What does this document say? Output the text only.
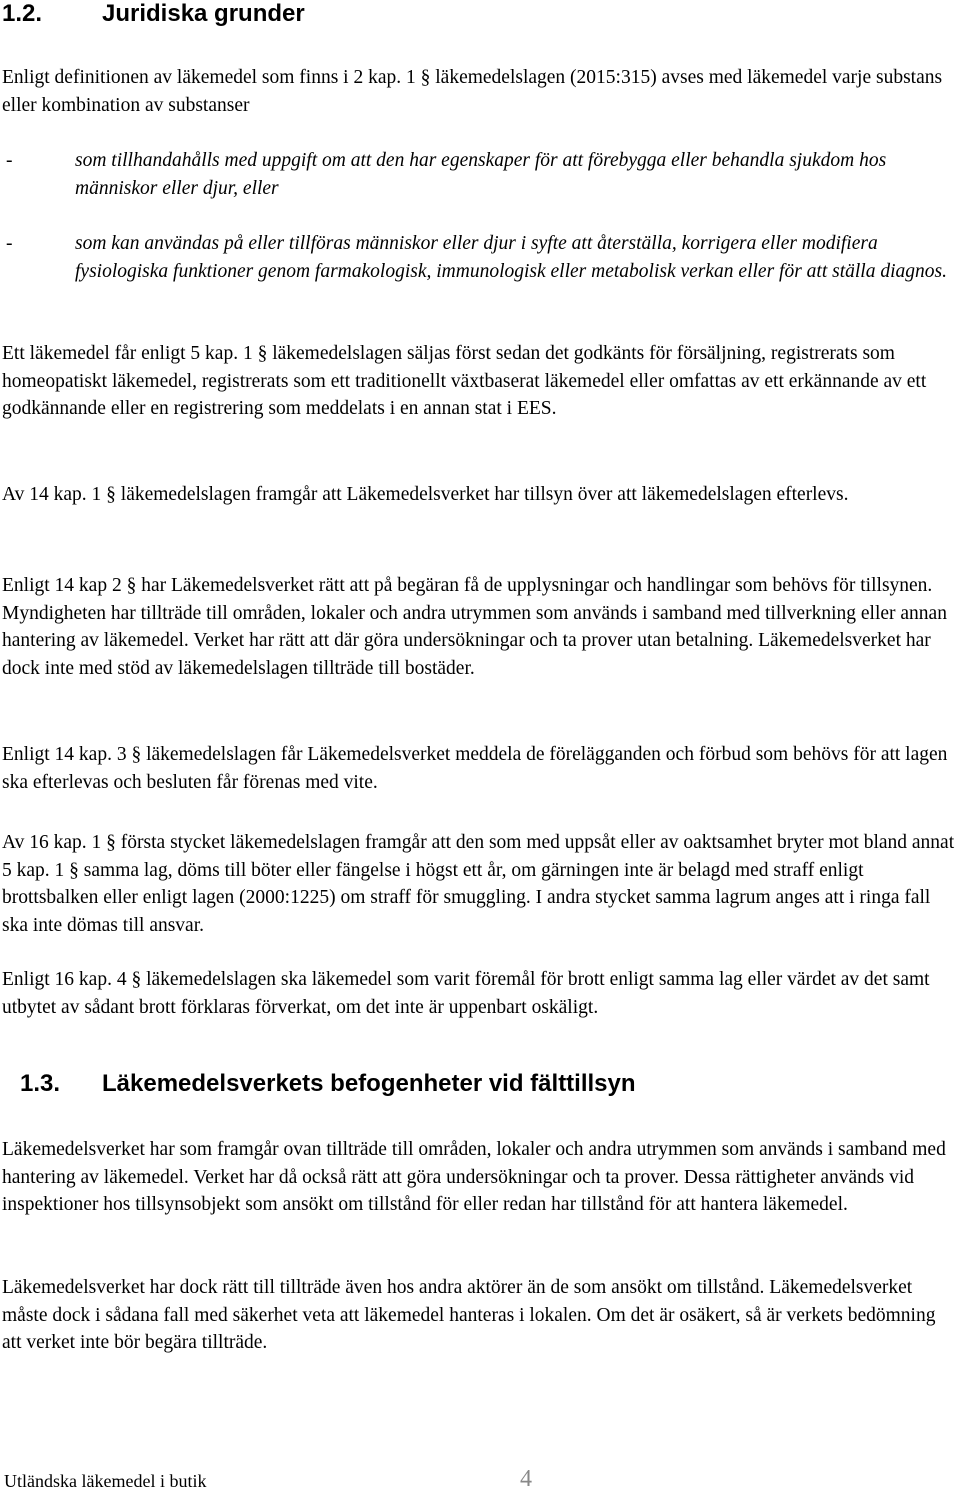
1.2. Juridiska grunder

Enligt definitionen av läkemedel som finns i 2 kap. 1 § läkemedelslagen (2015:315) avses med läkemedel varje substans eller kombination av substanser

-	som tillhandahålls med uppgift om att den har egenskaper för att förebygga eller behandla sjukdom hos människor eller djur, eller
-	som kan användas på eller tillföras människor eller djur i syfte att återställa, korrigera eller modifiera fysiologiska funktioner genom farmakologisk, immunologisk eller metabolisk verkan eller för att ställa diagnos.

Ett läkemedel får enligt 5 kap. 1 § läkemedelslagen säljas först sedan det godkänts för försäljning, registrerats som homeopatiskt läkemedel, registrerats som ett traditionellt växtbaserat läkemedel eller omfattas av ett erkännande av ett godkännande eller en registrering som meddelats i en annan stat i EES.

Av 14 kap. 1 § läkemedelslagen framgår att Läkemedelsverket har tillsyn över att läkemedelslagen efterlevs.

Enligt 14 kap 2 § har Läkemedelsverket rätt att på begäran få de upplysningar och handlingar som behövs för tillsynen. Myndigheten har tillträde till områden, lokaler och andra utrymmen som används i samband med tillverkning eller annan hantering av läkemedel. Verket har rätt att där göra undersökningar och ta prover utan betalning. Läkemedelsverket har dock inte med stöd av läkemedelslagen tillträde till bostäder.

Enligt 14 kap. 3 § läkemedelslagen får Läkemedelsverket meddela de förelägganden och förbud som behövs för att lagen ska efterlevas och besluten får förenas med vite.

Av 16 kap. 1 § första stycket läkemedelslagen framgår att den som med uppsåt eller av oaktsamhet bryter mot bland annat 5 kap. 1 § samma lag, döms till böter eller fängelse i högst ett år, om gärningen inte är belagd med straff enligt brottsbalken eller enligt lagen (2000:1225) om straff för smuggling. I andra stycket samma lagrum anges att i ringa fall ska inte dömas till ansvar.

Enligt 16 kap. 4 § läkemedelslagen ska läkemedel som varit föremål för brott enligt samma lag eller värdet av det samt utbytet av sådant brott förklaras förverkat, om det inte är uppenbart oskäligt.

1.3. Läkemedelsverkets befogenheter vid fälttillsyn

Läkemedelsverket har som framgår ovan tillträde till områden, lokaler och andra utrymmen som används i samband med hantering av läkemedel. Verket har då också rätt att göra undersökningar och ta prover. Dessa rättigheter används vid inspektioner hos tillsynsobjekt som ansökt om tillstånd för eller redan har tillstånd för att hantera läkemedel.

Läkemedelsverket har dock rätt till tillträde även hos andra aktörer än de som ansökt om tillstånd. Läkemedelsverket måste dock i sådana fall med säkerhet veta att läkemedel hanteras i lokalen. Om det är osäkert, så är verkets bedömning att verket inte bör begära tillträde.

Utländska läkemedel i butik	4
